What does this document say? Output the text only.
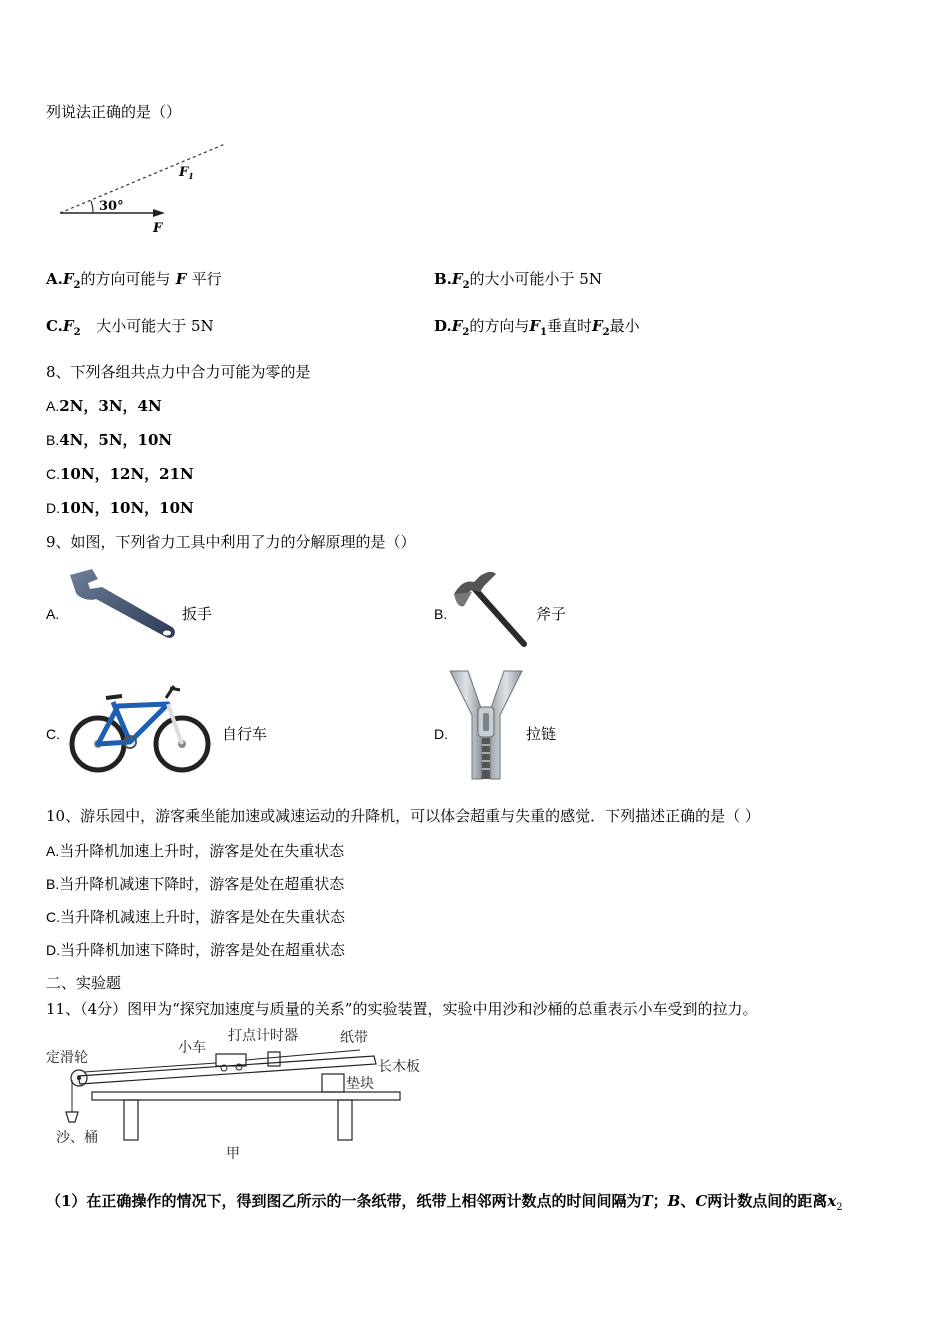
列说法正确的是（）
30°
$F_1$
F
$A.F_2$的方向可能与 F 平行	$B.F_2$的大小可能小于 5N
$C.F_2$ 大小可能大于 5N	$D.F_2$的方向与$F_1$垂直时$F_2$最小
8、下列各组共点力中合力可能为零的是
A.2N，3N，4N
B.4N，5N，10N
C.10N，12N，21N
D.10N，10N，10N
9、如图，下列省力工具中利用了力的分解原理的是（）
A.	扳手	B.	斧子
C.	自行车	D.	拉链
10、游乐园中，游客乘坐能加速或减速运动的升降机，可以体会超重与失重的感觉．下列描述正确的是（ ）
A.当升降机加速上升时，游客是处在失重状态
B.当升降机减速下降时，游客是处在超重状态
C.当升降机减速上升时，游客是处在失重状态
D.当升降机加速下降时，游客是处在超重状态
二、实验题
11、（4分）图甲为“探究加速度与质量的关系”的实验装置，实验中用沙和沙桶的总重表示小车受到的拉力。
定滑轮
小车
打点计时器	纸带
长木板
垫块
沙、桶
甲
（1）在正确操作的情况下，得到图乙所示的一条纸带，纸带上相邻两计数点的时间间隔为T；B、C两计数点间的距离$x_2$
